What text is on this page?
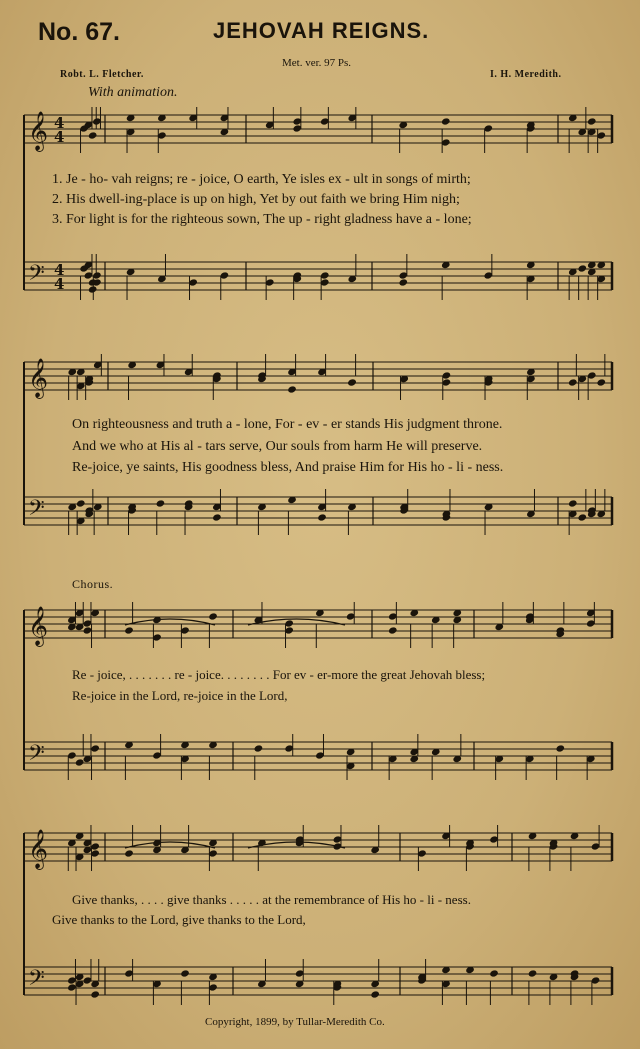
No. 67.	JEHOVAH REIGNS.
Met. ver. 97 Ps.
Robt. L. Fletcher.	I. H. Meredith.
With animation.
1. Je - ho- vah reigns; re - joice, O earth, Ye isles ex - ult in songs of mirth;
2. His dwell-ing-place is up on high, Yet by out faith we bring Him nigh;
3. For light is for the righteous sown, The up - right gladness have a - lone;
On righteousness and truth a - lone, For - ev - er stands His judgment throne.
And we who at His al - tars serve, Our souls from harm He will preserve.
Re-joice, ye saints, His goodness bless, And praise Him for His ho - li - ness.
Chorus.
Re - joice, . . . . . . . re - joice. . . . . . . . For ev - er-more the great Jehovah bless;
Re-joice in the Lord, re-joice in the Lord,
Give thanks, . . . . give thanks . . . . . at the remembrance of His ho - li - ness.
Give thanks to the Lord, give thanks to the Lord,
Copyright, 1899, by Tullar-Meredith Co.
𝄞 4
4
𝄢 4
4
𝄞
𝄢
𝄞
𝄢
𝄞
𝄢
